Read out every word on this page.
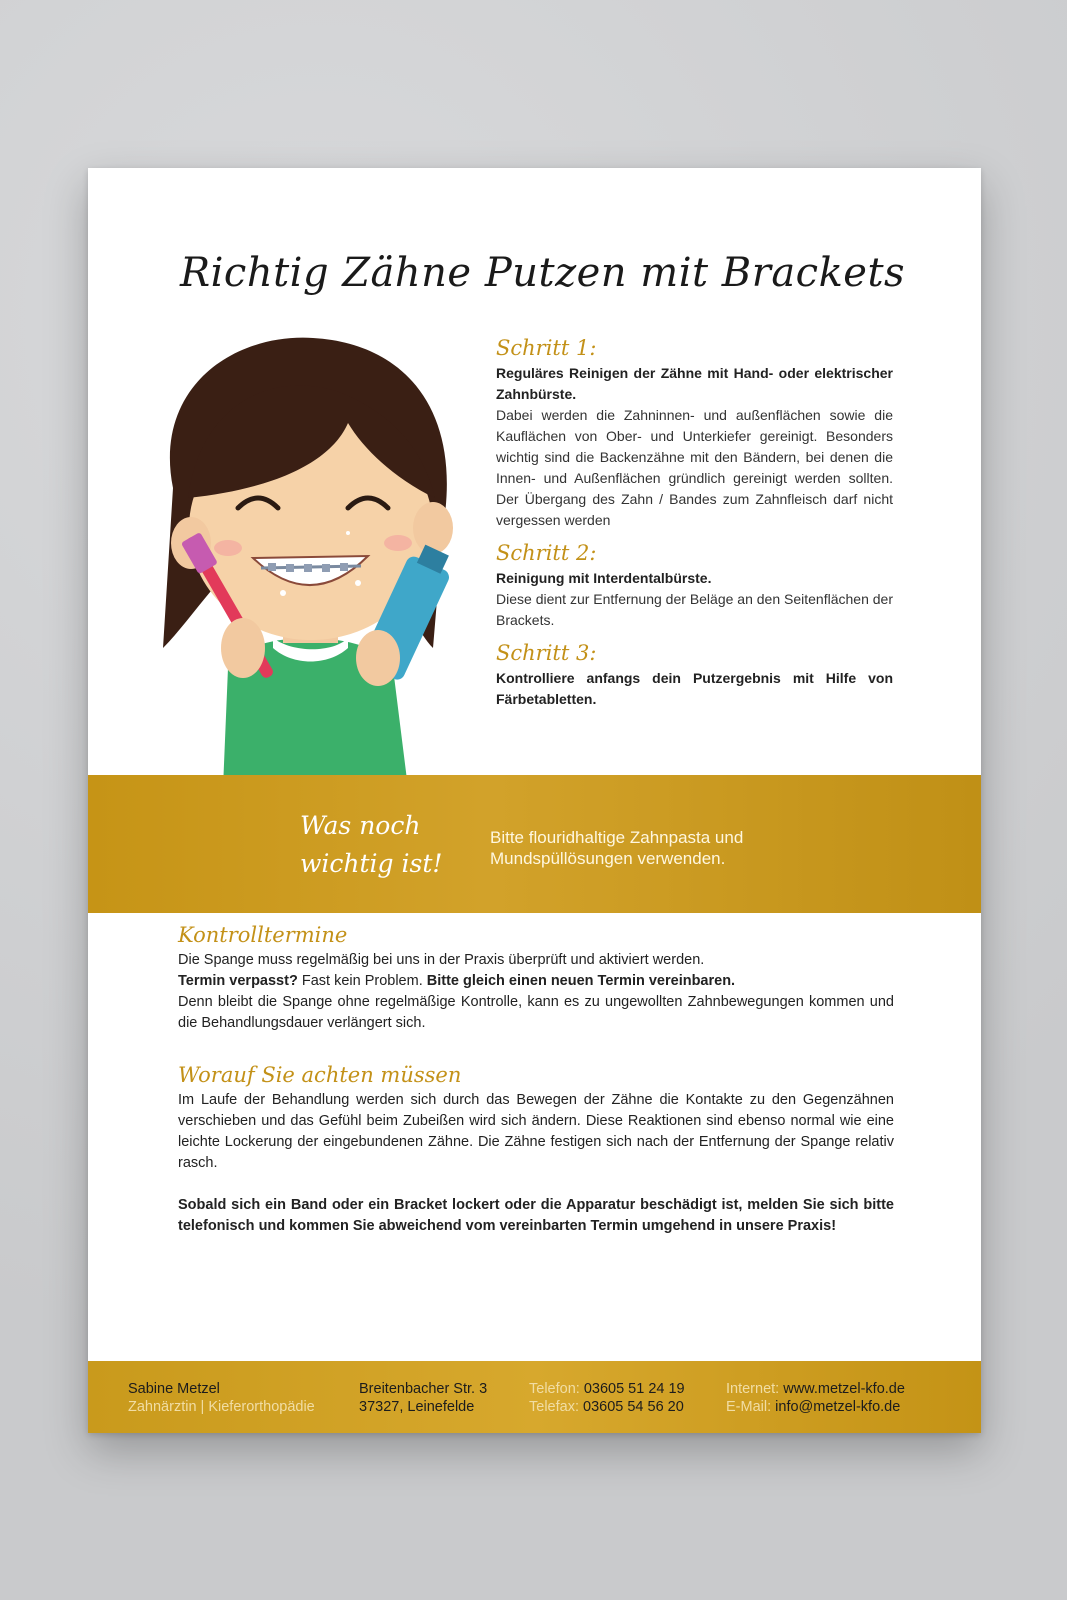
Richtig Zähne Putzen mit Brackets
Schritt 1:
Reguläres Reinigen der Zähne mit Hand- oder elektrischer Zahnbürste.
Dabei werden die Zahninnen- und außenflächen sowie die Kauflächen von Ober- und Unterkiefer gereinigt. Besonders wichtig sind die Backenzähne mit den Bändern, bei denen die Innen- und Außenflächen gründlich gereinigt werden sollten. Der Übergang des Zahn / Bandes zum Zahnfleisch darf nicht vergessen werden
Schritt 2:
Reinigung mit Interdentalbürste.
Diese dient zur Entfernung der Beläge an den Seitenflächen der Brackets.
Schritt 3:
Kontrolliere anfangs dein Putzergebnis mit Hilfe von Färbetabletten.
Was noch wichtig ist!
Bitte flouridhaltige Zahnpasta und Mundspüllösungen verwenden.
Kontrolltermine
Die Spange muss regelmäßig bei uns in der Praxis überprüft und aktiviert werden.
Termin verpasst? Fast kein Problem. Bitte gleich einen neuen Termin vereinbaren.
Denn bleibt die Spange ohne regelmäßige Kontrolle, kann es zu ungewollten Zahnbewegungen kommen und die Behandlungsdauer verlängert sich.
Worauf Sie achten müssen
Im Laufe der Behandlung werden sich durch das Bewegen der Zähne die Kontakte zu den Gegenzähnen verschieben und das Gefühl beim Zubeißen wird sich ändern. Diese Reaktionen sind ebenso normal wie eine leichte Lockerung der eingebundenen Zähne. Die Zähne festigen sich nach der Entfernung der Spange relativ rasch.
Sobald sich ein Band oder ein Bracket lockert oder die Apparatur beschädigt ist, melden Sie sich bitte telefonisch und kommen Sie abweichend vom vereinbarten Termin umgehend in unsere Praxis!
Sabine Metzel
Zahnärztin | Kieferorthopädie
Breitenbacher Str. 3
37327, Leinefelde
Telefon: 03605 51 24 19
Telefax: 03605 54 56 20
Internet: www.metzel-kfo.de
E-Mail: info@metzel-kfo.de
